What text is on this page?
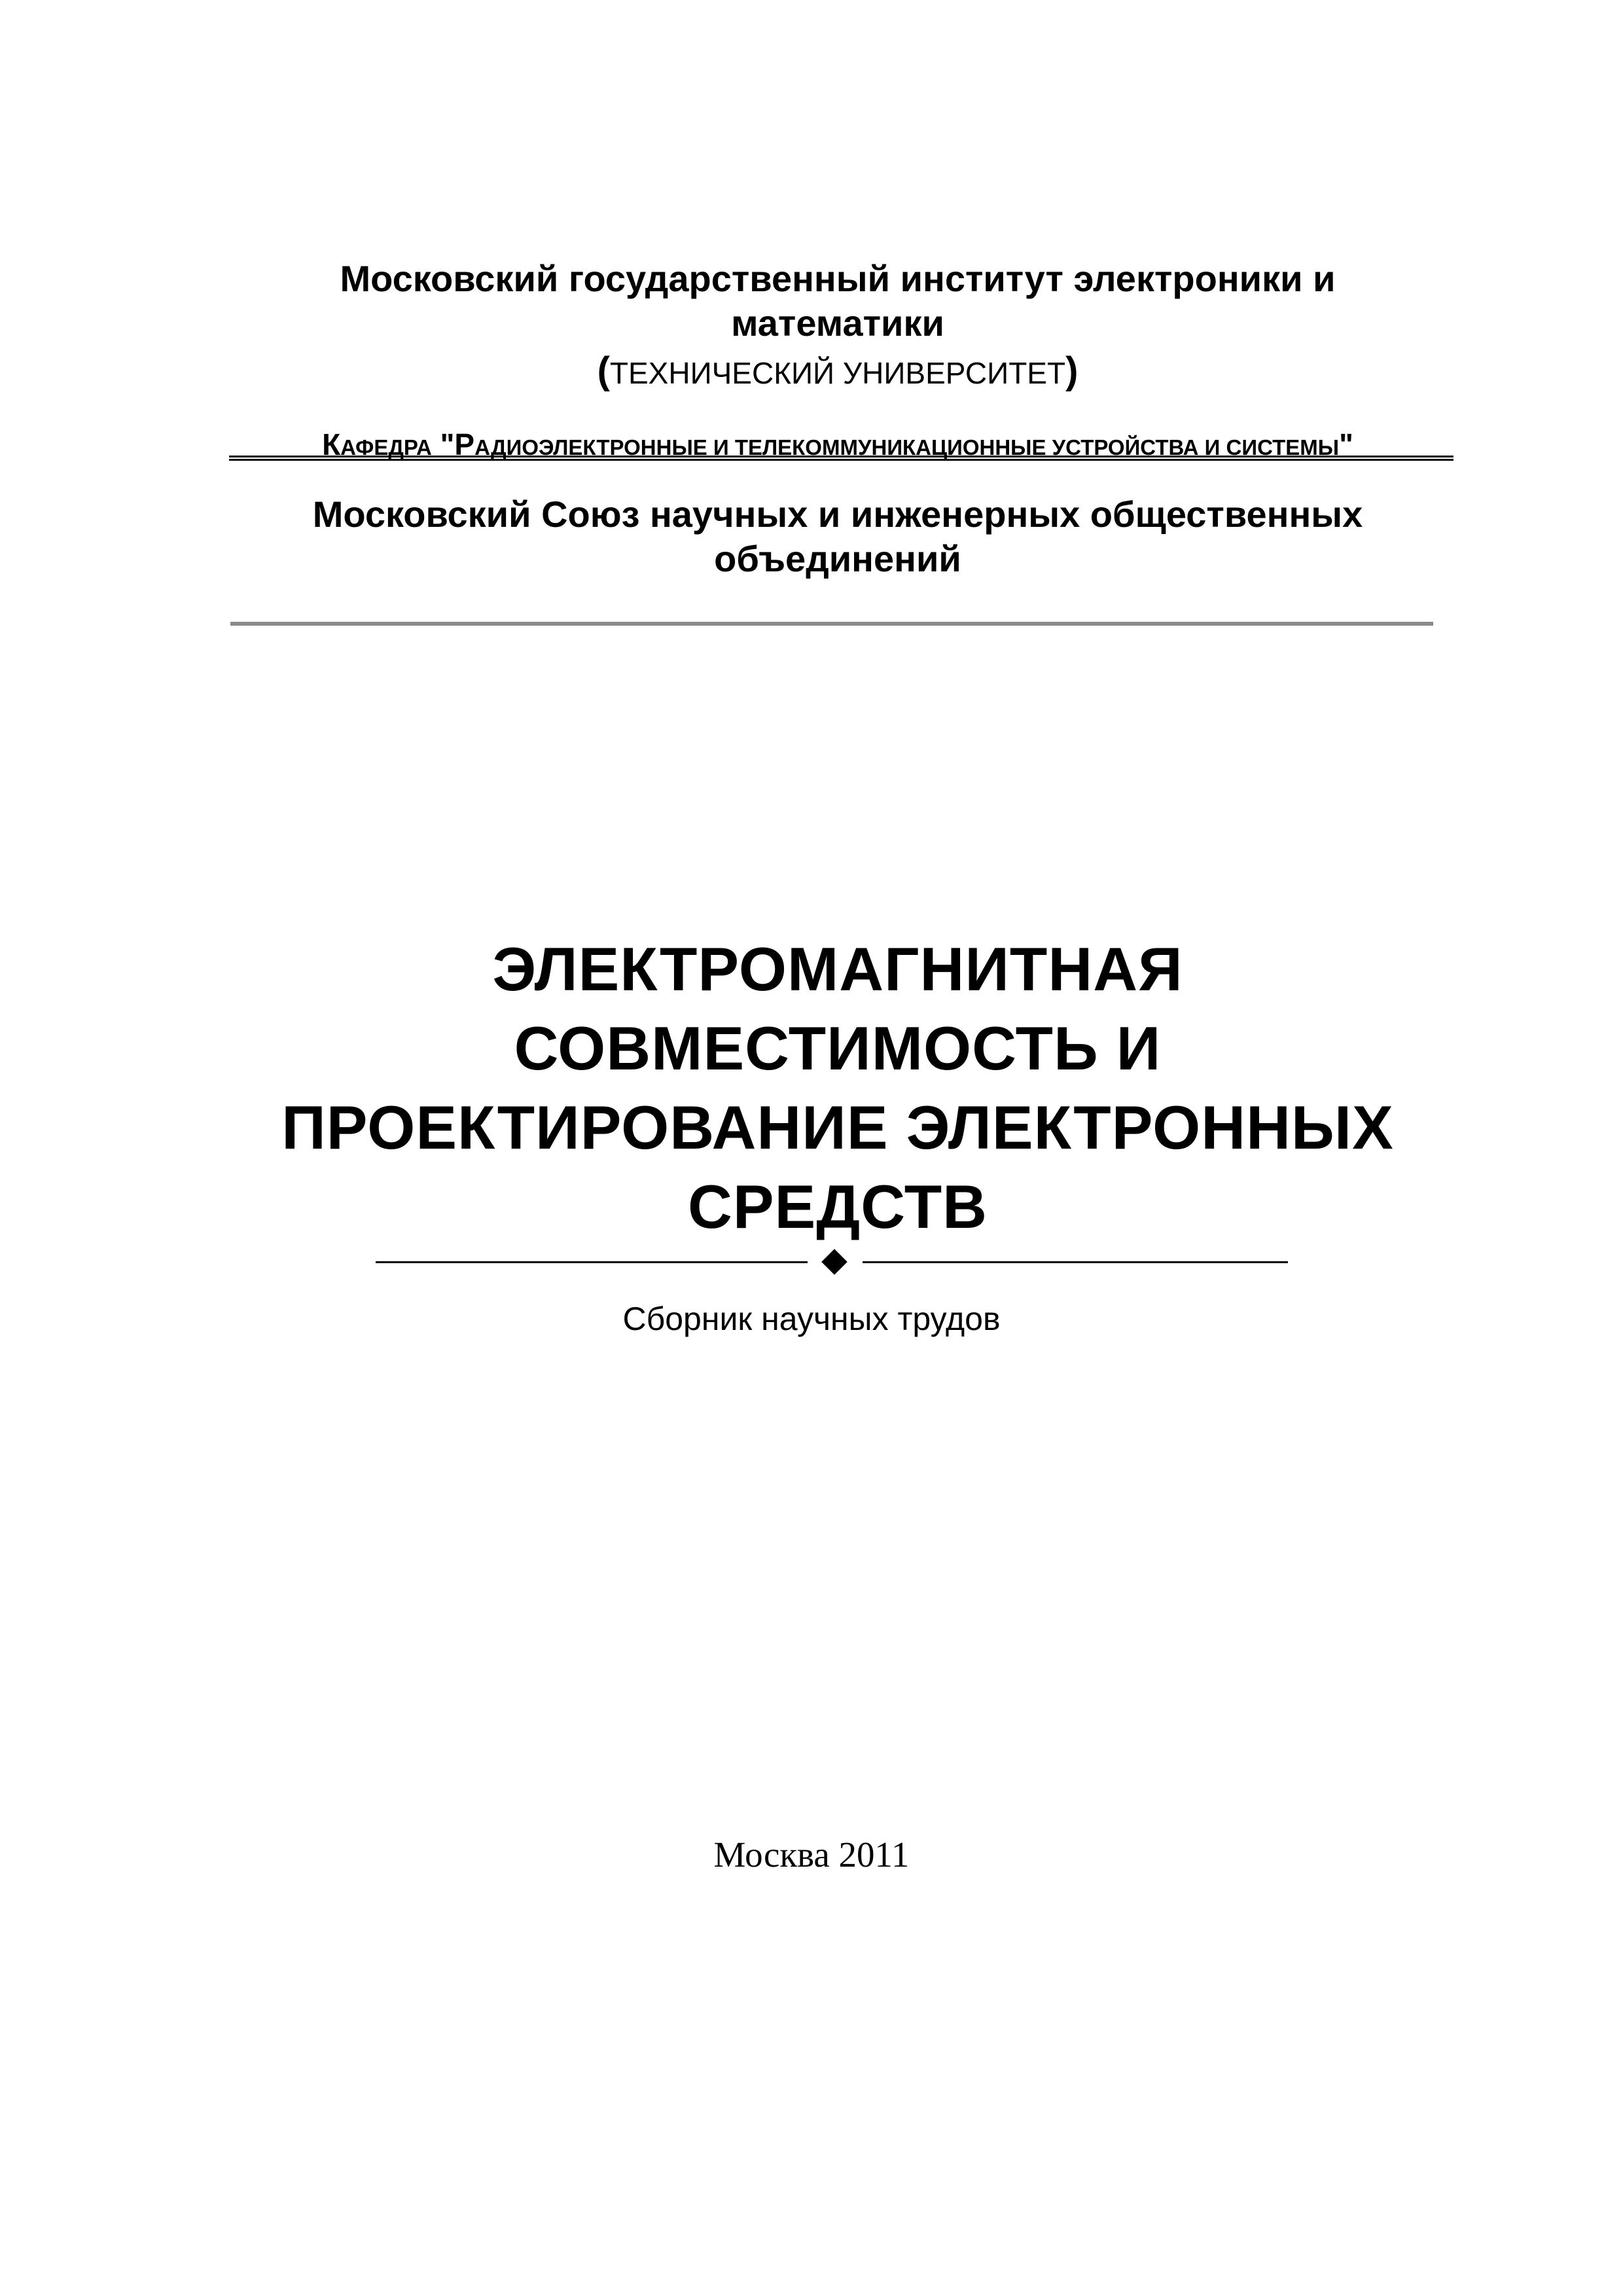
Московский государственный институт электроники и математики
(ТЕХНИЧЕСКИЙ УНИВЕРСИТЕТ)
КАФЕДРА "РАДИОЭЛЕКТРОННЫЕ И ТЕЛЕКОММУНИКАЦИОННЫЕ УСТРОЙСТВА И СИСТЕМЫ"
Московский Союз научных и инженерных общественных объединений
ЭЛЕКТРОМАГНИТНАЯ
СОВМЕСТИМОСТЬ И
ПРОЕКТИРОВАНИЕ ЭЛЕКТРОННЫХ
СРЕДСТВ
Сборник научных трудов
Москва 2011
